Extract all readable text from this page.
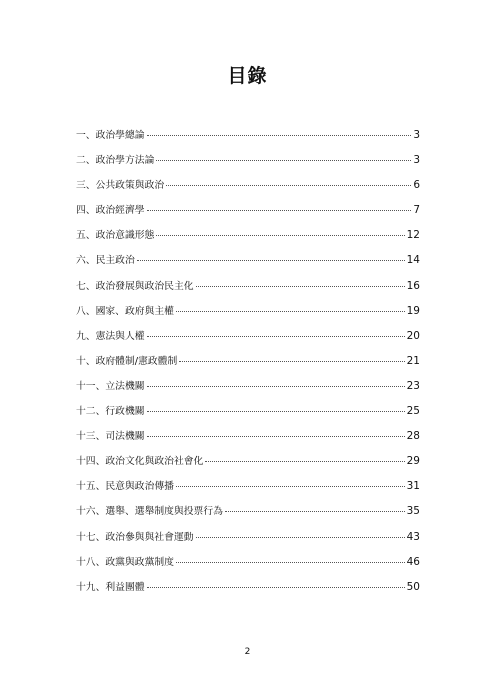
目錄
一、政治學總論	3
二、政治學方法論	3
三、公共政策與政治	6
四、政治經濟學	7
五、政治意識形態	12
六、民主政治	14
七、政治發展與政治民主化	16
八、國家、政府與主權	19
九、憲法與人權	20
十、政府體制/憲政體制	21
十一、立法機關	23
十二、行政機關	25
十三、司法機關	28
十四、政治文化與政治社會化	29
十五、民意與政治傳播	31
十六、選舉、選舉制度與投票行為	35
十七、政治參與與社會運動	43
十八、政黨與政黨制度	46
十九、利益團體	50
2
